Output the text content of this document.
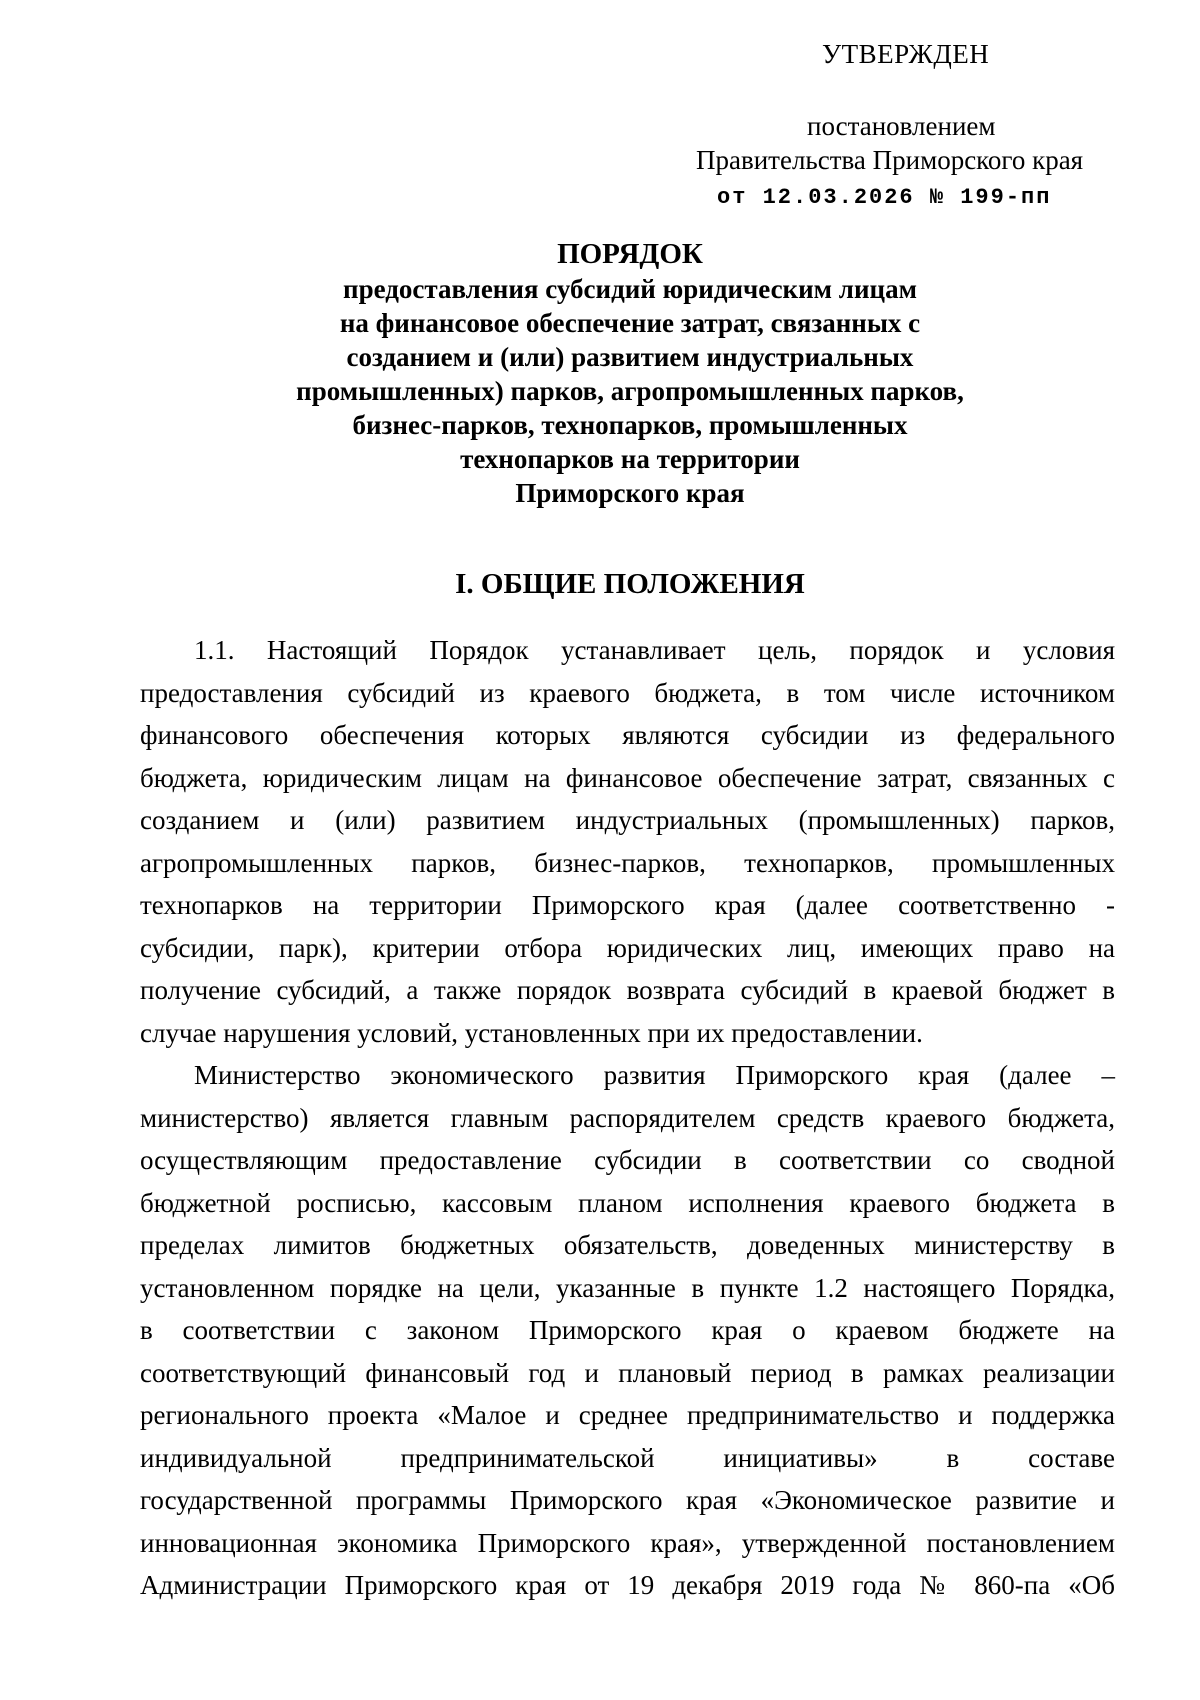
УТВЕРЖДЕН
постановлением
Правительства Приморского края
от 12.03.2026 № 199-пп

ПОРЯДОК

предоставления субсидий юридическим лицам

на финансовое обеспечение затрат, связанных с

созданием и (или) развитием индустриальных

промышленных) парков, агропромышленных парков,

бизнес-парков, технопарков, промышленных

технопарков на территории

Приморского края

I. ОБЩИЕ ПОЛОЖЕНИЯ
1.1. Настоящий Порядок устанавливает цель, порядок и условия
предоставления субсидий из краевого бюджета, в том числе источником
финансового обеспечения которых являются субсидии из федерального
бюджета, юридическим лицам на финансовое обеспечение затрат, связанных с
созданием и (или) развитием индустриальных (промышленных) парков,
агропромышленных парков, бизнес-парков, технопарков, промышленных
технопарков на территории Приморского края (далее соответственно -
субсидии, парк), критерии отбора юридических лиц, имеющих право на
получение субсидий, а также порядок возврата субсидий в краевой бюджет в
случае нарушения условий, установленных при их предоставлении.
Министерство экономического развития Приморского края (далее –
министерство) является главным распорядителем средств краевого бюджета,
осуществляющим предоставление субсидии в соответствии со сводной
бюджетной росписью, кассовым планом исполнения краевого бюджета в
пределах лимитов бюджетных обязательств, доведенных министерству в
установленном порядке на цели, указанные в пункте 1.2 настоящего Порядка,
в соответствии с законом Приморского края о краевом бюджете на
соответствующий финансовый год и плановый период в рамках реализации
регионального проекта «Малое и среднее предпринимательство и поддержка
индивидуальной предпринимательской инициативы» в составе
государственной программы Приморского края «Экономическое развитие и
инновационная экономика Приморского края», утвержденной постановлением
Администрации Приморского края от 19 декабря 2019 года № 860-па «Об
